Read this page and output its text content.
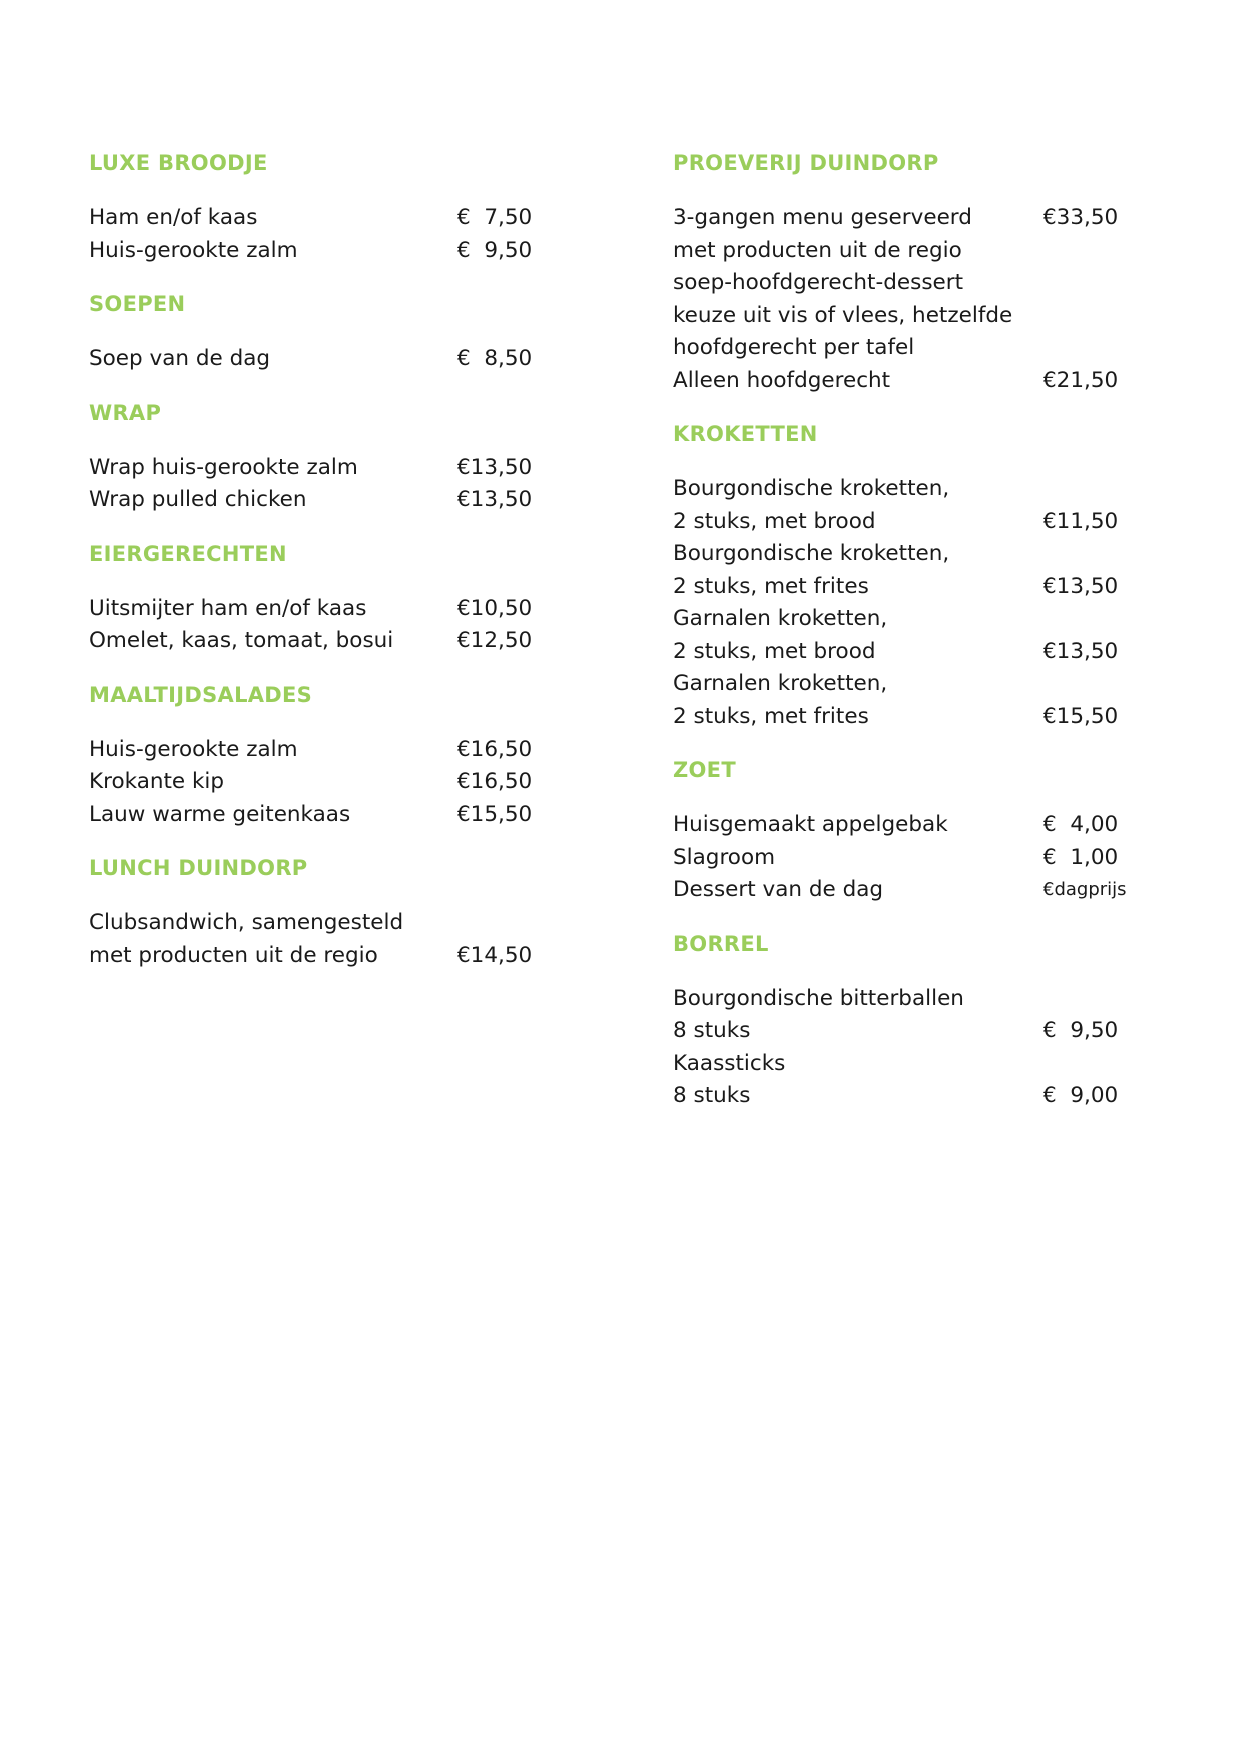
LUXE BROODJE
Ham en/of kaas	€  7,50
Huis-gerookte zalm	€  9,50
SOEPEN
Soep van de dag	€  8,50
WRAP
Wrap huis-gerookte zalm	€13,50
Wrap pulled chicken	€13,50
EIERGERECHTEN
Uitsmijter ham en/of kaas	€10,50
Omelet, kaas, tomaat, bosui	€12,50
MAALTIJDSALADES
Huis-gerookte zalm	€16,50
Krokante kip	€16,50
Lauw warme geitenkaas	€15,50
LUNCH DUINDORP
Clubsandwich, samengesteld
met producten uit de regio	€14,50
PROEVERIJ DUINDORP
3-gangen menu geserveerd	€33,50
met producten uit de regio
soep-hoofdgerecht-dessert
keuze uit vis of vlees, hetzelfde
hoofdgerecht per tafel
Alleen hoofdgerecht	€21,50
KROKETTEN
Bourgondische kroketten,
2 stuks, met brood	€11,50
Bourgondische kroketten,
2 stuks, met frites	€13,50
Garnalen kroketten,
2 stuks, met brood	€13,50
Garnalen kroketten,
2 stuks, met frites	€15,50
ZOET
Huisgemaakt appelgebak	€  4,00
Slagroom	€  1,00
Dessert van de dag	€dagprijs
BORREL
Bourgondische bitterballen
8 stuks	€  9,50
Kaassticks
8 stuks	€  9,00
